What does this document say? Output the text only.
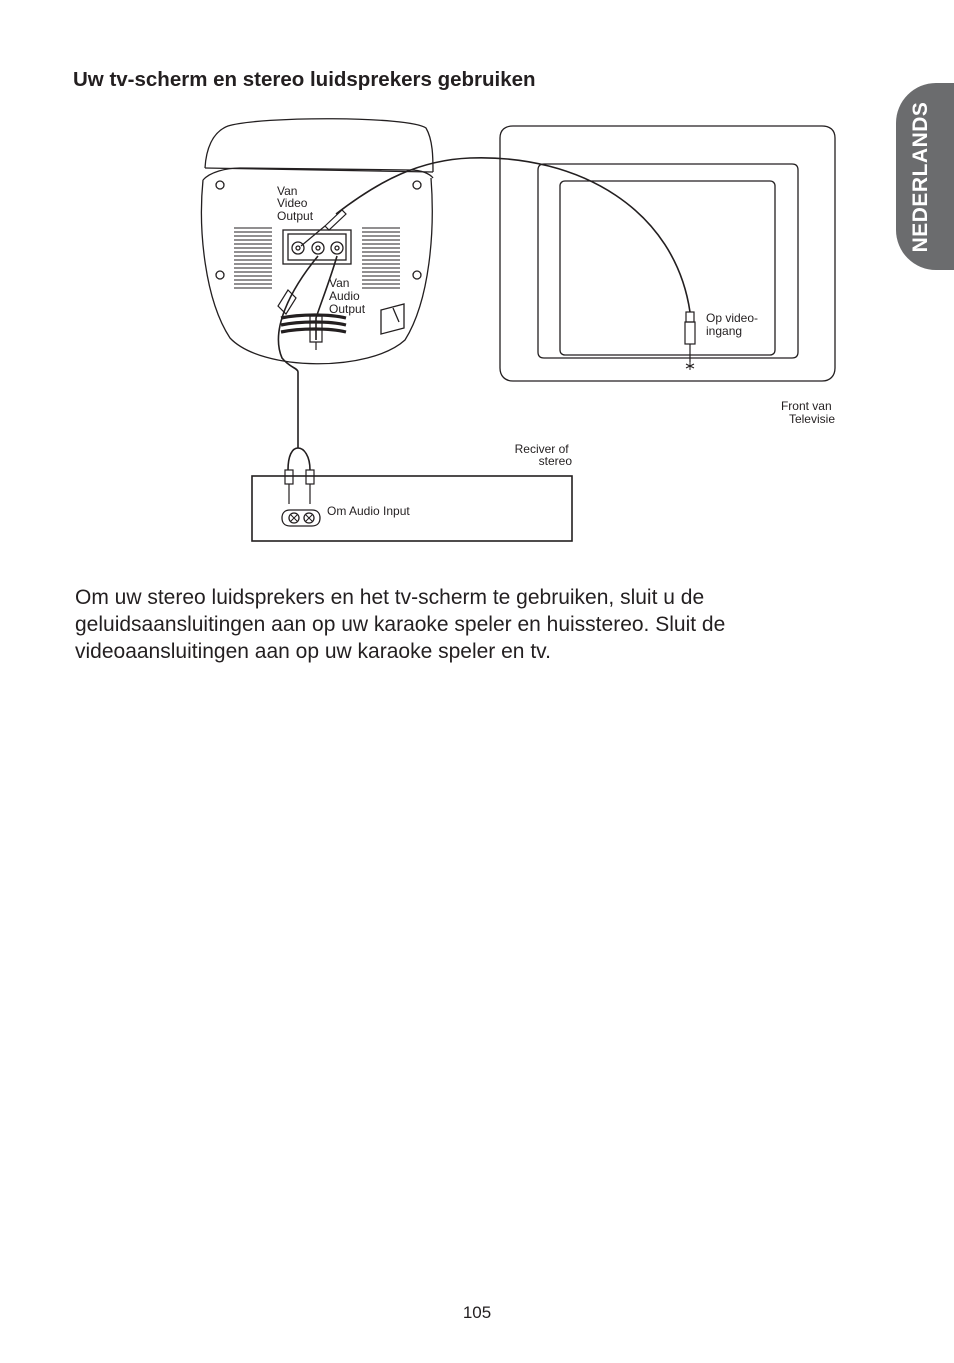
Uw tv-scherm en stereo luidsprekers gebruiken
NEDERLANDS
Van Video Output
Van Audio Output
Op video- ingang
Front van Televisie
Reciver of stereo
Om Audio Input
Om uw stereo luidsprekers en het tv-scherm te gebruiken, sluit u de geluidsaansluitingen aan op uw karaoke speler en huisstereo. Sluit de videoaansluitingen aan op uw karaoke speler en tv.
105
